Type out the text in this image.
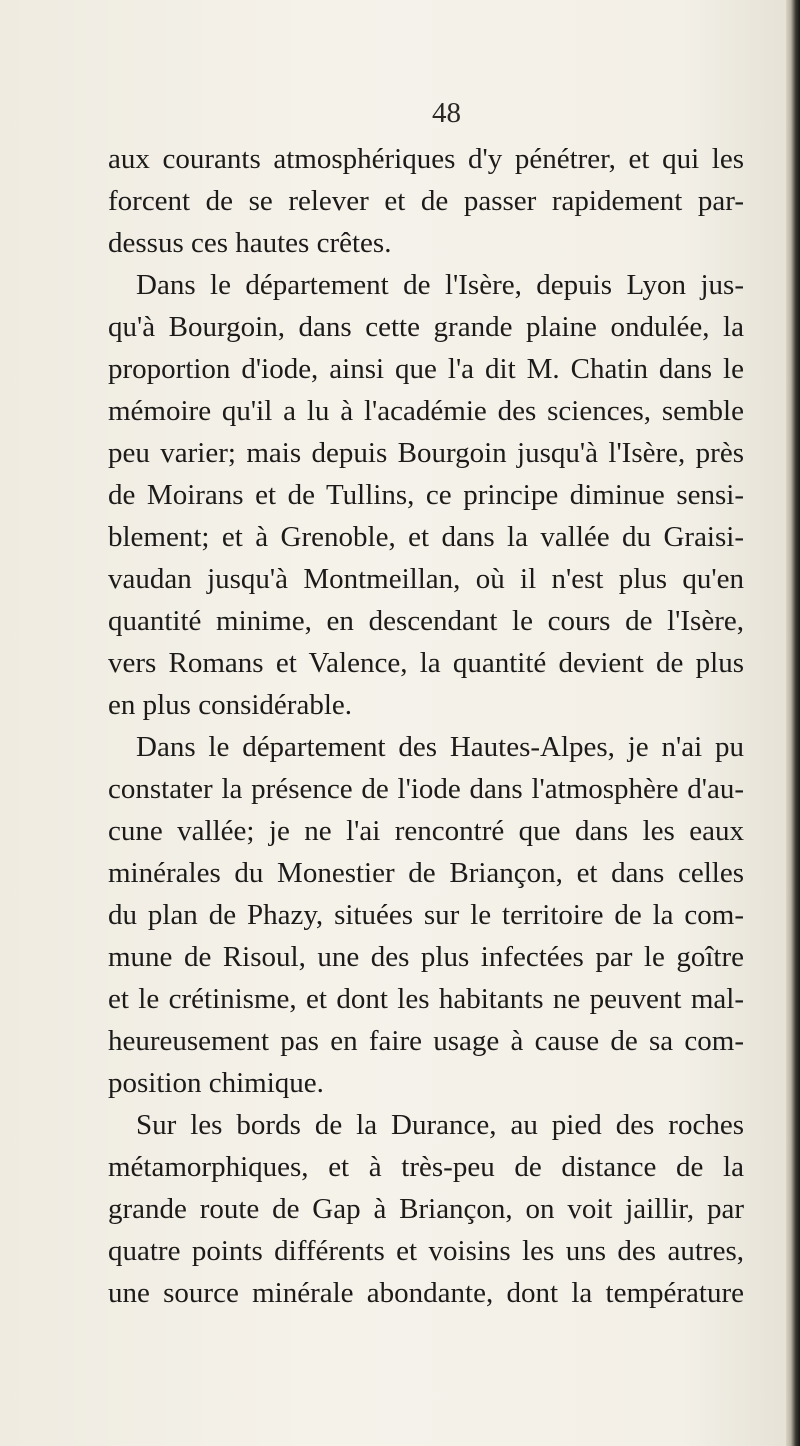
48
aux courants atmosphériques d'y pénétrer, et qui les
forcent de se relever et de passer rapidement par-
dessus ces hautes crêtes.
Dans le département de l'Isère, depuis Lyon jus-
qu'à Bourgoin, dans cette grande plaine ondulée, la
proportion d'iode, ainsi que l'a dit M. Chatin dans le
mémoire qu'il a lu à l'académie des sciences, semble
peu varier; mais depuis Bourgoin jusqu'à l'Isère, près
de Moirans et de Tullins, ce principe diminue sensi-
blement; et à Grenoble, et dans la vallée du Graisi-
vaudan jusqu'à Montmeillan, où il n'est plus qu'en
quantité minime, en descendant le cours de l'Isère,
vers Romans et Valence, la quantité devient de plus
en plus considérable.
Dans le département des Hautes-Alpes, je n'ai pu
constater la présence de l'iode dans l'atmosphère d'au-
cune vallée; je ne l'ai rencontré que dans les eaux
minérales du Monestier de Briançon, et dans celles
du plan de Phazy, situées sur le territoire de la com-
mune de Risoul, une des plus infectées par le goître
et le crétinisme, et dont les habitants ne peuvent mal-
heureusement pas en faire usage à cause de sa com-
position chimique.
Sur les bords de la Durance, au pied des roches
métamorphiques, et à très-peu de distance de la
grande route de Gap à Briançon, on voit jaillir, par
quatre points différents et voisins les uns des autres,
une source minérale abondante, dont la température
